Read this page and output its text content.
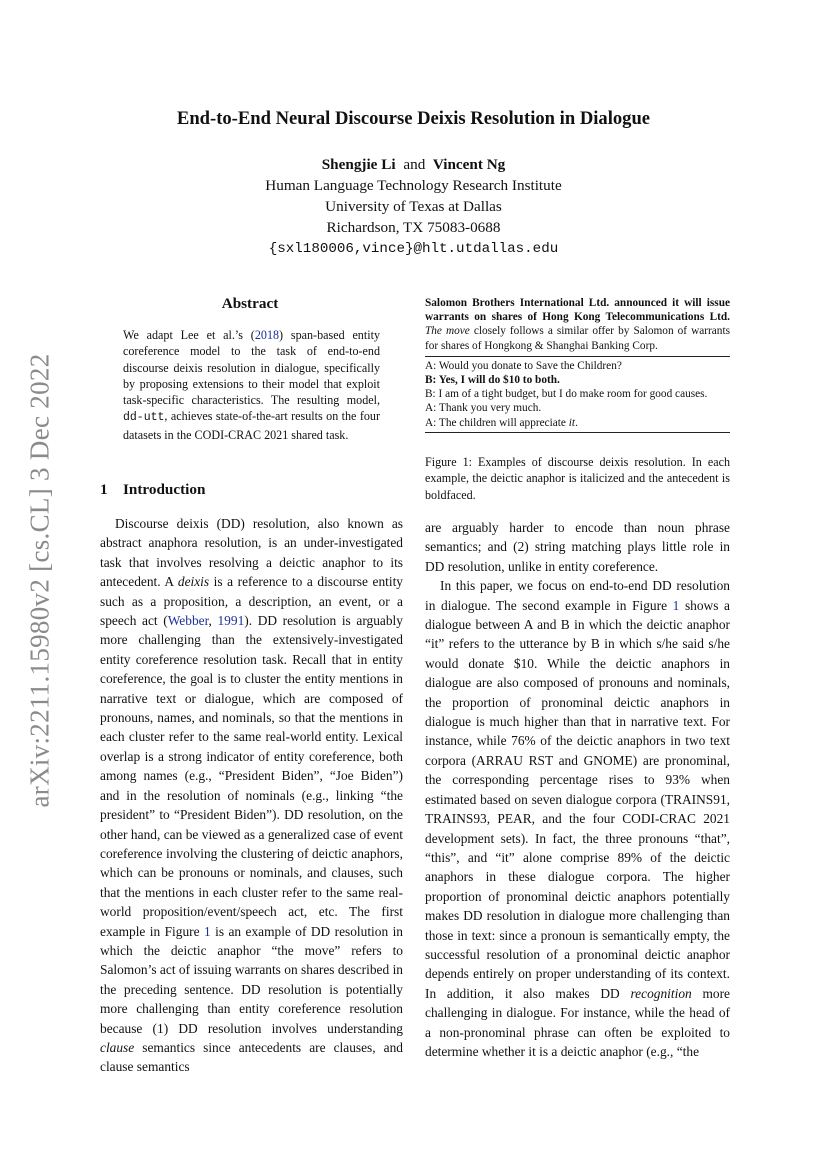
arXiv:2211.15980v2 [cs.CL] 3 Dec 2022
End-to-End Neural Discourse Deixis Resolution in Dialogue
Shengjie Li and Vincent Ng
Human Language Technology Research Institute
University of Texas at Dallas
Richardson, TX 75083-0688
{sxl180006,vince}@hlt.utdallas.edu
Abstract
We adapt Lee et al.’s (2018) span-based entity coreference model to the task of end-to-end discourse deixis resolution in dialogue, specifically by proposing extensions to their model that exploit task-specific characteristics. The resulting model, dd-utt, achieves state-of-the-art results on the four datasets in the CODI-CRAC 2021 shared task.
1 Introduction

Discourse deixis (DD) resolution, also known as abstract anaphora resolution, is an under-investigated task that involves resolving a deictic anaphor to its antecedent. A deixis is a reference to a discourse entity such as a proposition, a description, an event, or a speech act (Webber, 1991). DD resolution is arguably more challenging than the extensively-investigated entity coreference resolution task. Recall that in entity coreference, the goal is to cluster the entity mentions in narrative text or dialogue, which are composed of pronouns, names, and nominals, so that the mentions in each cluster refer to the same real-world entity. Lexical overlap is a strong indicator of entity coreference, both among names (e.g., “President Biden”, “Joe Biden”) and in the resolution of nominals (e.g., linking “the president” to “President Biden”). DD resolution, on the other hand, can be viewed as a generalized case of event coreference involving the clustering of deictic anaphors, which can be pronouns or nominals, and clauses, such that the mentions in each cluster refer to the same real-world proposition/event/speech act, etc. The first example in Figure 1 is an example of DD resolution in which the deictic anaphor “the move” refers to Salomon’s act of issuing warrants on shares described in the preceding sentence. DD resolution is potentially more challenging than entity coreference resolution because (1) DD resolution involves understanding clause semantics since antecedents are clauses, and clause semantics

Salomon Brothers International Ltd. announced it will issue warrants on shares of Hong Kong Telecommunications Ltd. The move closely follows a similar offer by Salomon of warrants for shares of Hongkong & Shanghai Banking Corp.
A: Would you donate to Save the Children?
B: Yes, I will do $10 to both.
B: I am of a tight budget, but I do make room for good causes.
A: Thank you very much.
A: The children will appreciate it.
Figure 1: Examples of discourse deixis resolution. In each example, the deictic anaphor is italicized and the antecedent is boldfaced.

are arguably harder to encode than noun phrase semantics; and (2) string matching plays little role in DD resolution, unlike in entity coreference.

In this paper, we focus on end-to-end DD resolution in dialogue. The second example in Figure 1 shows a dialogue between A and B in which the deictic anaphor “it” refers to the utterance by B in which s/he said s/he would donate $10. While the deictic anaphors in dialogue are also composed of pronouns and nominals, the proportion of pronominal deictic anaphors in dialogue is much higher than that in narrative text. For instance, while 76% of the deictic anaphors in two text corpora (ARRAU RST and GNOME) are pronominal, the corresponding percentage rises to 93% when estimated based on seven dialogue corpora (TRAINS91, TRAINS93, PEAR, and the four CODI-CRAC 2021 development sets). In fact, the three pronouns “that”, “this”, and “it” alone comprise 89% of the deictic anaphors in these dialogue corpora. The higher proportion of pronominal deictic anaphors potentially makes DD resolution in dialogue more challenging than those in text: since a pronoun is semantically empty, the successful resolution of a pronominal deictic anaphor depends entirely on proper understanding of its context. In addition, it also makes DD recognition more challenging in dialogue. For instance, while the head of a non-pronominal phrase can often be exploited to determine whether it is a deictic anaphor (e.g., “the
